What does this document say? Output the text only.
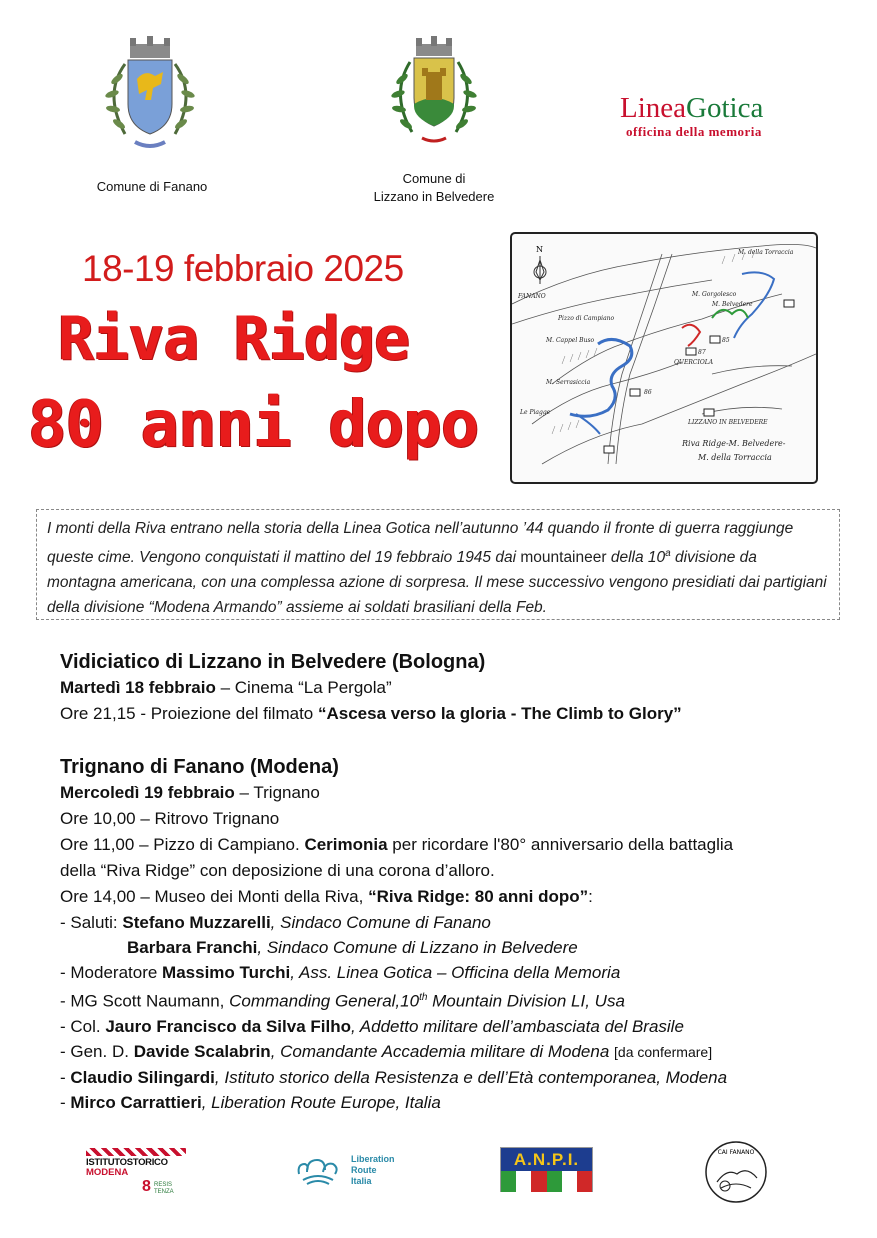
Comune di Fanano
Comune di
Lizzano in Belvedere
LineaGotica
officina della memoria
18-19 febbraio 2025
Riva Ridge
80 anni dopo
N
FANANO
Pizzo di Campiano
M. Cappel Buso
M. Serrasiccia
Le Piagge
M. Gorgolesco
M. Belvedere
QUERCIOLA
LIZZANO IN BELVEDERE
M. della Torraccia
86
85
87
Riva Ridge-M. Belvedere-
M. della Torraccia
I monti della Riva entrano nella storia della Linea Gotica nell’autunno ’44 quando il fronte di guerra raggiunge queste cime. Vengono conquistati il mattino del 19 febbraio 1945 dai mountaineer della 10$^a$ divisione da montagna americana, con una complessa azione di sorpresa. Il mese successivo vengono presidiati dai partigiani della divisione “Modena Armando” assieme ai soldati brasiliani della Feb.
Vidiciatico di Lizzano in Belvedere (Bologna)
Martedì 18 febbraio – Cinema “La Pergola”
Ore 21,15 - Proiezione del filmato “Ascesa verso la gloria - The Climb to Glory”
Trignano di Fanano (Modena)
Mercoledì 19 febbraio – Trignano
Ore 10,00 – Ritrovo Trignano
Ore 11,00 – Pizzo di Campiano. Cerimonia per ricordare l'80° anniversario della battaglia
della “Riva Ridge” con deposizione di una corona d’alloro.
Ore 14,00 – Museo dei Monti della Riva, “Riva Ridge: 80 anni dopo”:
- Saluti: Stefano Muzzarelli, Sindaco Comune di Fanano
Barbara Franchi, Sindaco Comune di Lizzano in Belvedere
- Moderatore Massimo Turchi, Ass. Linea Gotica – Officina della Memoria
- MG Scott Naumann, Commanding General,10th Mountain Division LI, Usa
- Col. Jauro Francisco da Silva Filho, Addetto militare dell’ambasciata del Brasile
- Gen. D. Davide Scalabrin, Comandante Accademia militare di Modena [da confermare]
- Claudio Silingardi, Istituto storico della Resistenza e dell’Età contemporanea, Modena
- Mirco Carrattieri, Liberation Route Europe, Italia
ISTITUTOSTORICO
MODENA
8 RESIS TENZA
Liberation
Route
Italia
A.N.P.I.	CAI FANANO
